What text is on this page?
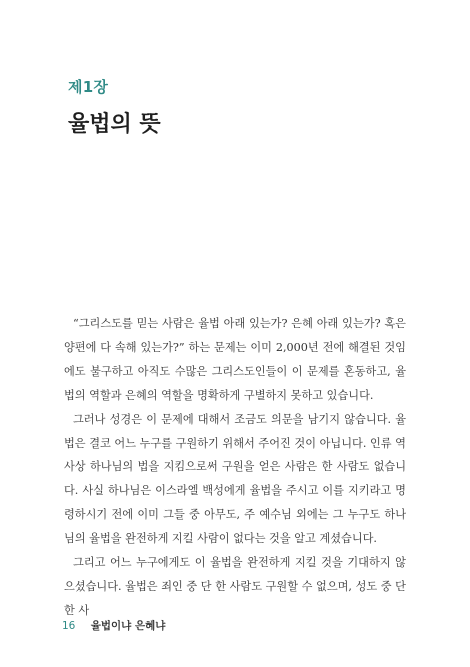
제1장
율법의 뜻

“그리스도를 믿는 사람은 율법 아래 있는가? 은혜 아래 있는가? 혹은 양편에 다 속해 있는가?” 하는 문제는 이미 2,000년 전에 해결된 것임에도 불구하고 아직도 수많은 그리스도인들이 이 문제를 혼동하고, 율법의 역할과 은혜의 역할을 명확하게 구별하지 못하고 있습니다.

그러나 성경은 이 문제에 대해서 조금도 의문을 남기지 않습니다. 율법은 결코 어느 누구를 구원하기 위해서 주어진 것이 아닙니다. 인류 역사상 하나님의 법을 지킴으로써 구원을 얻은 사람은 한 사람도 없습니다. 사실 하나님은 이스라엘 백성에게 율법을 주시고 이를 지키라고 명령하시기 전에 이미 그들 중 아무도, 주 예수님 외에는 그 누구도 하나님의 율법을 완전하게 지킬 사람이 없다는 것을 알고 계셨습니다.

그리고 어느 누구에게도 이 율법을 완전하게 지킬 것을 기대하지 않으셨습니다. 율법은 죄인 중 단 한 사람도 구원할 수 없으며, 성도 중 단 한 사

16 율법이냐 은혜냐
